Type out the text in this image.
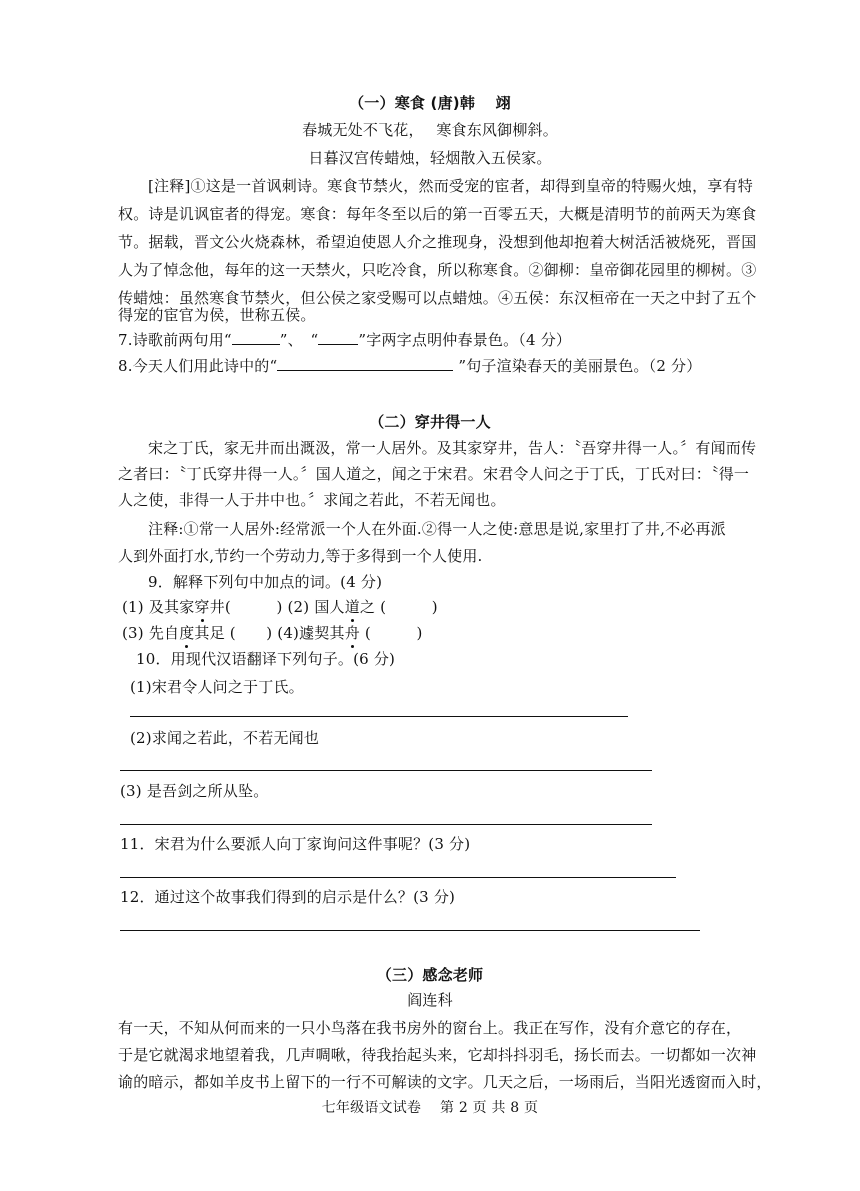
（一）寒食 (唐)韩　 翊
春城无处不飞花，　 寒食东风御柳斜。
日暮汉宫传蜡烛，轻烟散入五侯家。
[注释]①这是一首讽刺诗。寒食节禁火，然而受宠的宦者，却得到皇帝的特赐火烛，享有特
权。诗是讥讽宦者的得宠。寒食：每年冬至以后的第一百零五天，大概是清明节的前两天为寒食
节。据载，晋文公火烧森林，希望迫使恩人介之推现身，没想到他却抱着大树活活被烧死，晋国
人为了悼念他，每年的这一天禁火，只吃冷食，所以称寒食。②御柳：皇帝御花园里的柳树。③
传蜡烛：虽然寒食节禁火，但公侯之家受赐可以点蜡烛。④五侯：东汉桓帝在一天之中封了五个
得宠的宦官为侯，世称五侯。
7.诗歌前两句用“	”、　“	”字两字点明仲春景色。（4 分）
8.今天人们用此诗中的“	”句子渲染春天的美丽景色。（2 分）
（二）穿井得一人
宋之丁氏，家无井而出溉汲，常一人居外。及其家穿井，告人：〝吾穿井得一人。〞有闻而传
之者曰：〝丁氏穿井得一人。〞国人道之，闻之于宋君。宋君令人问之于丁氏，丁氏对曰：〝得一
人之使，非得一人于井中也。〞求闻之若此，不若无闻也。
注释:①常一人居外:经常派一个人在外面.②得一人之使:意思是说,家里打了井,不必再派
人到外面打水,节约一个劳动力,等于多得到一个人使用.
9．解释下列句中加点的词。(4 分)
(1) 及其家穿井(　　　) (2) 国人道之 (　　　)
(3) 先自度其足 (　　) (4)遽契其舟 (　　　)
10．用现代汉语翻译下列句子。(6 分)
(1)宋君令人问之于丁氏。
(2)求闻之若此，不若无闻也
(3) 是吾剑之所从坠。
11．宋君为什么要派人向丁家询问这件事呢？(3 分)
12．通过这个故事我们得到的启示是什么？(3 分)
（三）感念老师
阎连科
有一天，不知从何而来的一只小鸟落在我书房外的窗台上。我正在写作，没有介意它的存在，
于是它就渴求地望着我，几声啁啾，待我抬起头来，它却抖抖羽毛，扬长而去。一切都如一次神
谕的暗示，都如羊皮书上留下的一行不可解读的文字。几天之后，一场雨后，当阳光透窗而入时，
七年级语文试卷　 第 2 页 共 8 页
